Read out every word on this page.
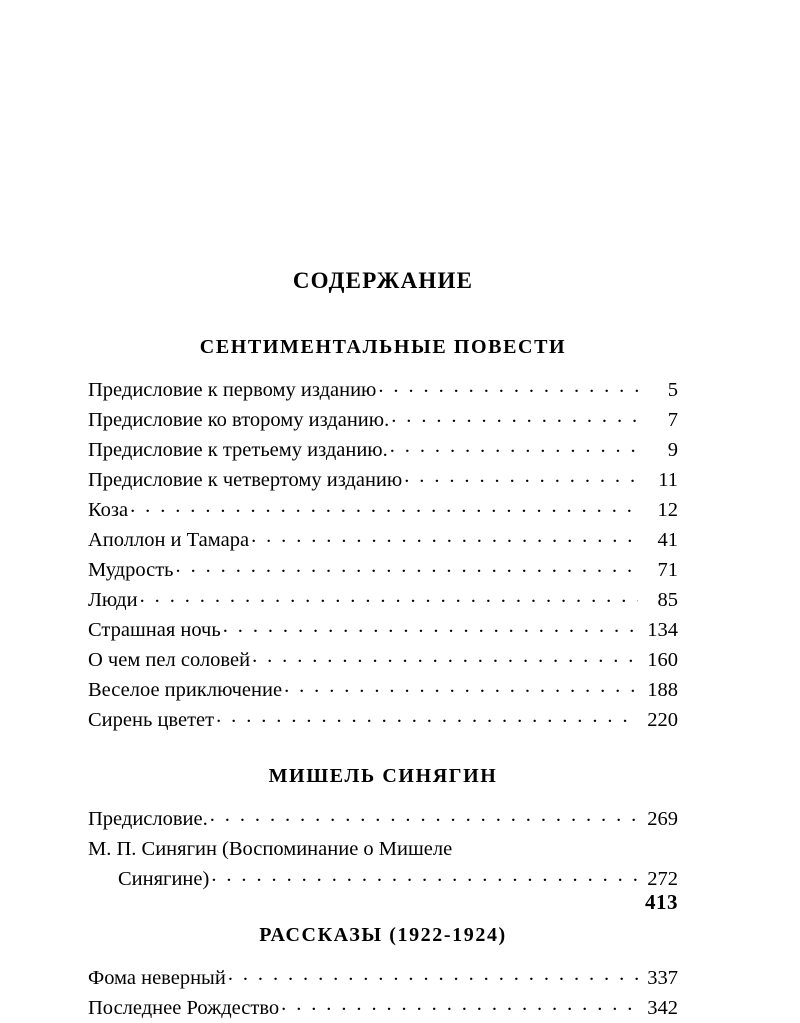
СОДЕРЖАНИЕ
СЕНТИМЕНТАЛЬНЫЕ ПОВЕСТИ
Предисловие к первому изданию . . .	5
Предисловие ко второму изданию. . . .	7
Предисловие к третьему изданию. . . .	9
Предисловие к четвертому изданию . . .	11
Коза . . .	12
Аполлон и Тамара . . .	41
Мудрость . . .	71
Люди . . .	85
Страшная ночь . . .	134
О чем пел соловей . . .	160
Веселое приключение . . .	188
Сирень цветет . . .	220
МИШЕЛЬ СИНЯГИН
Предисловие. . . .	269
М. П. Синягин (Воспоминание о Мишеле
Синягине) . . .	272
РАССКАЗЫ (1922-1924)
Фома неверный . . .	337
Последнее Рождество . . .	342
413
